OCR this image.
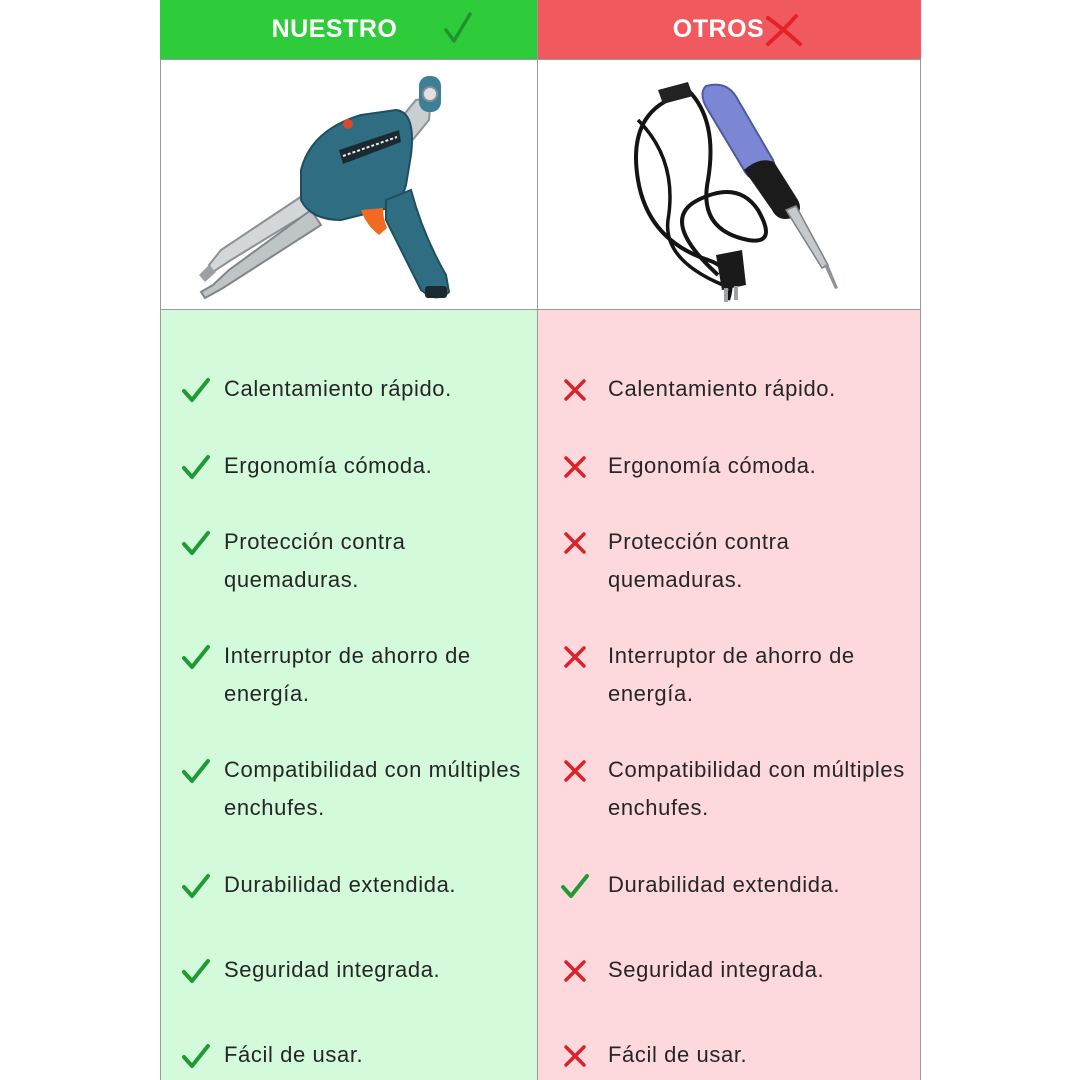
NUESTRO
Calentamiento rápido.
Ergonomía cómoda.
Protección contra quemaduras.
Interruptor de ahorro de energía.
Compatibilidad con múltiples enchufes.
Durabilidad extendida.
Seguridad integrada.
Fácil de usar.
OTROS
Calentamiento rápido.
Ergonomía cómoda.
Protección contra quemaduras.
Interruptor de ahorro de energía.
Compatibilidad con múltiples enchufes.
Durabilidad extendida.
Seguridad integrada.
Fácil de usar.
